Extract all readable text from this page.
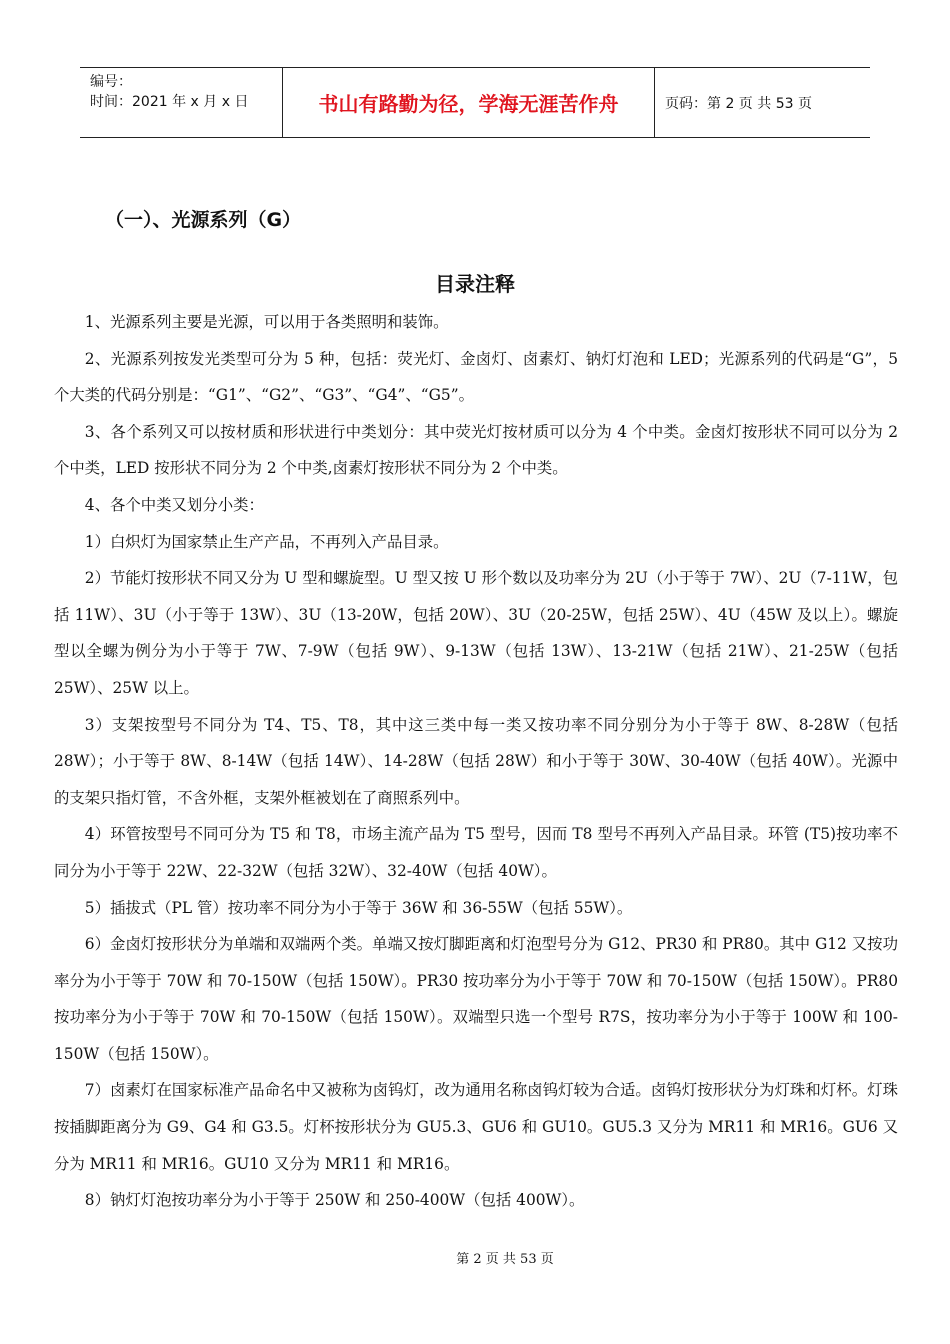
编号：
时间：2021 年 x 月 x 日	书山有路勤为径，学海无涯苦作舟	页码：第 2 页 共 53 页
（一）、光源系列（G）
目录注释

1、光源系列主要是光源，可以用于各类照明和装饰。

2、光源系列按发光类型可分为 5 种，包括：荧光灯、金卤灯、卤素灯、钠灯灯泡和 LED；光源系列的代码是“G”，5 个大类的代码分别是：“G1”、“G2”、“G3”、“G4”、“G5”。

3、各个系列又可以按材质和形状进行中类划分：其中荧光灯按材质可以分为 4 个中类。金卤灯按形状不同可以分为 2 个中类，LED 按形状不同分为 2 个中类,卤素灯按形状不同分为 2 个中类。

4、各个中类又划分小类：

1）白炽灯为国家禁止生产产品，不再列入产品目录。

2）节能灯按形状不同又分为 U 型和螺旋型。U 型又按 U 形个数以及功率分为 2U（小于等于 7W）、2U（7-11W，包括 11W）、3U（小于等于 13W）、3U（13-20W，包括 20W）、3U（20-25W，包括 25W）、4U（45W 及以上）。螺旋型以全螺为例分为小于等于 7W、7-9W（包括 9W）、9-13W（包括 13W）、13-21W（包括 21W）、21-25W（包括 25W）、25W 以上。

3）支架按型号不同分为 T4、T5、T8，其中这三类中每一类又按功率不同分别分为小于等于 8W、8-28W（包括 28W）；小于等于 8W、8-14W（包括 14W）、14-28W（包括 28W）和小于等于 30W、30-40W（包括 40W）。光源中的支架只指灯管，不含外框，支架外框被划在了商照系列中。

4）环管按型号不同可分为 T5 和 T8，市场主流产品为 T5 型号，因而 T8 型号不再列入产品目录。环管 (T5)按功率不同分为小于等于 22W、22-32W（包括 32W）、32-40W（包括 40W）。

5）插拔式（PL 管）按功率不同分为小于等于 36W 和 36-55W（包括 55W）。

6）金卤灯按形状分为单端和双端两个类。单端又按灯脚距离和灯泡型号分为 G12、PR30 和 PR80。其中 G12 又按功率分为小于等于 70W 和 70-150W（包括 150W）。PR30 按功率分为小于等于 70W 和 70-150W（包括 150W）。PR80 按功率分为小于等于 70W 和 70-150W（包括 150W）。双端型只选一个型号 R7S，按功率分为小于等于 100W 和 100-150W（包括 150W）。

7）卤素灯在国家标准产品命名中又被称为卤钨灯，改为通用名称卤钨灯较为合适。卤钨灯按形状分为灯珠和灯杯。灯珠按插脚距离分为 G9、G4 和 G3.5。灯杯按形状分为 GU5.3、GU6 和 GU10。GU5.3 又分为 MR11 和 MR16。GU6 又分为 MR11 和 MR16。GU10 又分为 MR11 和 MR16。

8）钠灯灯泡按功率分为小于等于 250W 和 250-400W（包括 400W）。

第 2 页 共 53 页
